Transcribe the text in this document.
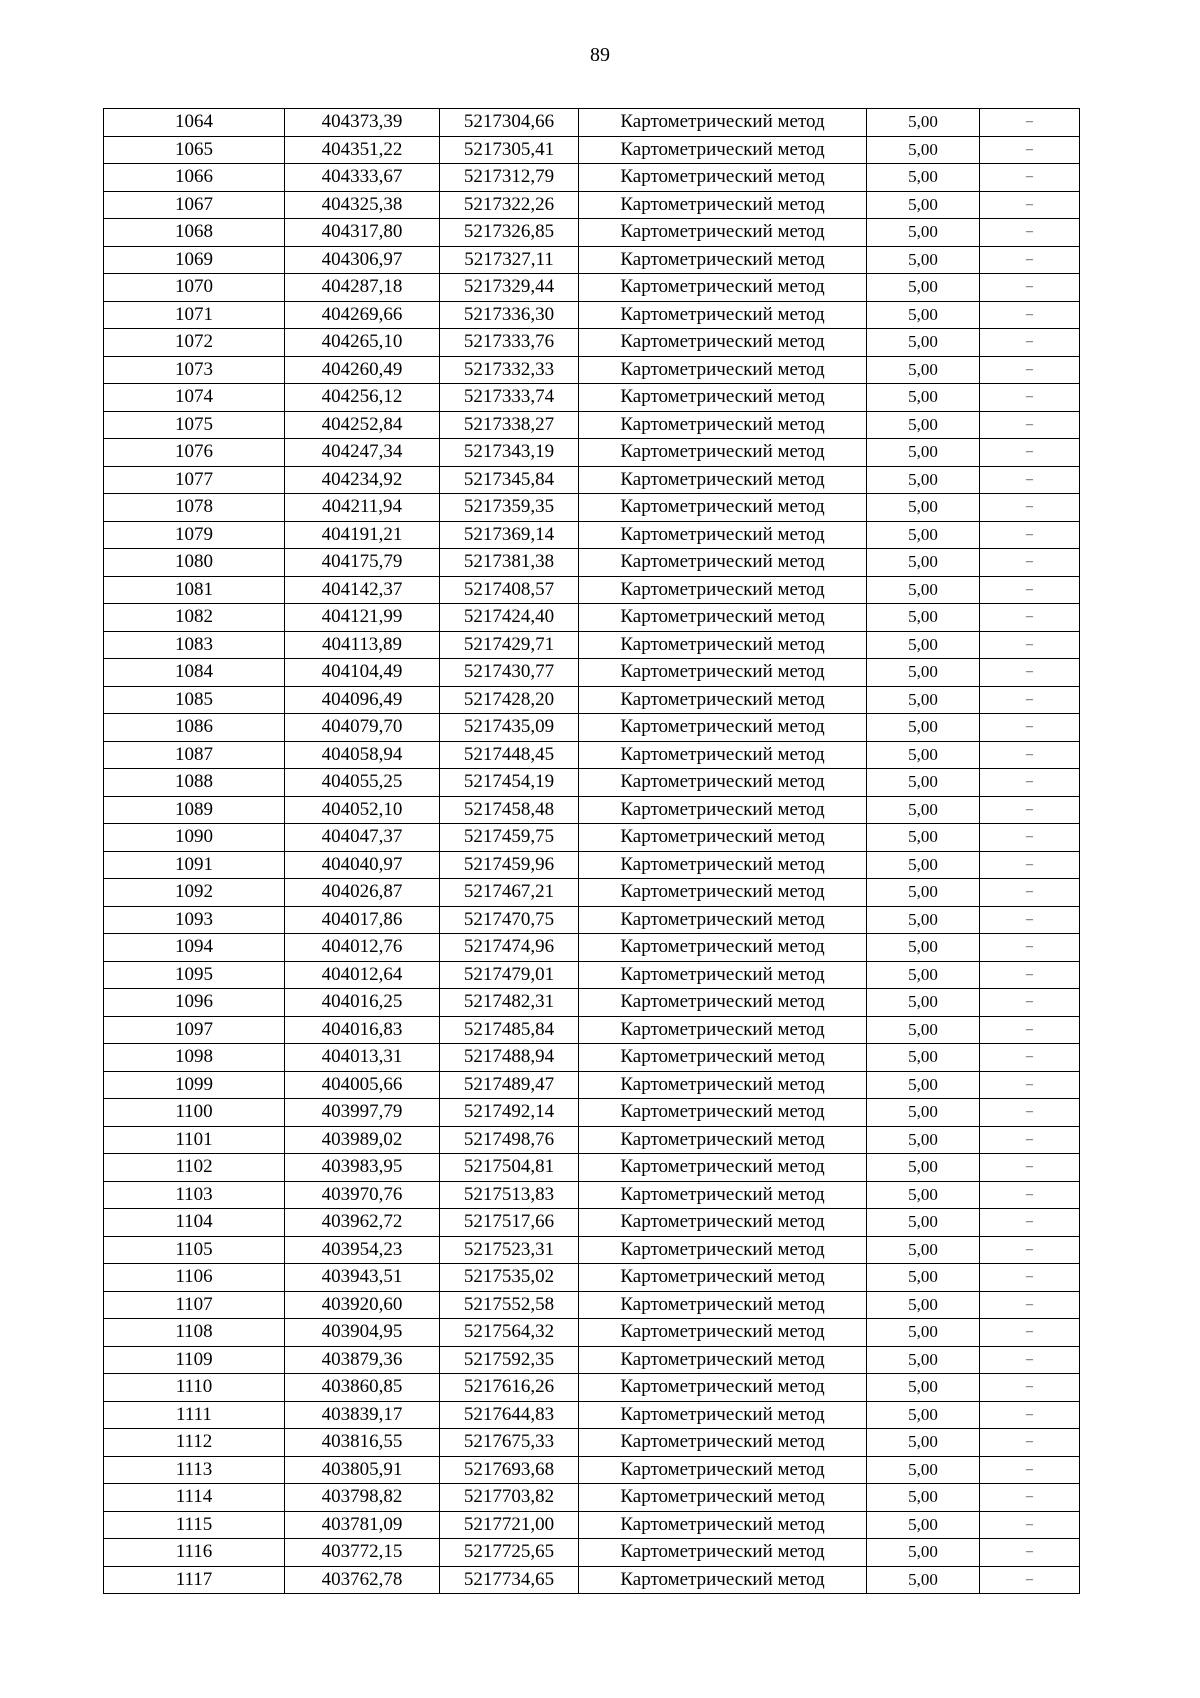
89
1064	404373,39	5217304,66	Картометрический метод	5,00	–
1065	404351,22	5217305,41	Картометрический метод	5,00	–
1066	404333,67	5217312,79	Картометрический метод	5,00	–
1067	404325,38	5217322,26	Картометрический метод	5,00	–
1068	404317,80	5217326,85	Картометрический метод	5,00	–
1069	404306,97	5217327,11	Картометрический метод	5,00	–
1070	404287,18	5217329,44	Картометрический метод	5,00	–
1071	404269,66	5217336,30	Картометрический метод	5,00	–
1072	404265,10	5217333,76	Картометрический метод	5,00	–
1073	404260,49	5217332,33	Картометрический метод	5,00	–
1074	404256,12	5217333,74	Картометрический метод	5,00	–
1075	404252,84	5217338,27	Картометрический метод	5,00	–
1076	404247,34	5217343,19	Картометрический метод	5,00	–
1077	404234,92	5217345,84	Картометрический метод	5,00	–
1078	404211,94	5217359,35	Картометрический метод	5,00	–
1079	404191,21	5217369,14	Картометрический метод	5,00	–
1080	404175,79	5217381,38	Картометрический метод	5,00	–
1081	404142,37	5217408,57	Картометрический метод	5,00	–
1082	404121,99	5217424,40	Картометрический метод	5,00	–
1083	404113,89	5217429,71	Картометрический метод	5,00	–
1084	404104,49	5217430,77	Картометрический метод	5,00	–
1085	404096,49	5217428,20	Картометрический метод	5,00	–
1086	404079,70	5217435,09	Картометрический метод	5,00	–
1087	404058,94	5217448,45	Картометрический метод	5,00	–
1088	404055,25	5217454,19	Картометрический метод	5,00	–
1089	404052,10	5217458,48	Картометрический метод	5,00	–
1090	404047,37	5217459,75	Картометрический метод	5,00	–
1091	404040,97	5217459,96	Картометрический метод	5,00	–
1092	404026,87	5217467,21	Картометрический метод	5,00	–
1093	404017,86	5217470,75	Картометрический метод	5,00	–
1094	404012,76	5217474,96	Картометрический метод	5,00	–
1095	404012,64	5217479,01	Картометрический метод	5,00	–
1096	404016,25	5217482,31	Картометрический метод	5,00	–
1097	404016,83	5217485,84	Картометрический метод	5,00	–
1098	404013,31	5217488,94	Картометрический метод	5,00	–
1099	404005,66	5217489,47	Картометрический метод	5,00	–
1100	403997,79	5217492,14	Картометрический метод	5,00	–
1101	403989,02	5217498,76	Картометрический метод	5,00	–
1102	403983,95	5217504,81	Картометрический метод	5,00	–
1103	403970,76	5217513,83	Картометрический метод	5,00	–
1104	403962,72	5217517,66	Картометрический метод	5,00	–
1105	403954,23	5217523,31	Картометрический метод	5,00	–
1106	403943,51	5217535,02	Картометрический метод	5,00	–
1107	403920,60	5217552,58	Картометрический метод	5,00	–
1108	403904,95	5217564,32	Картометрический метод	5,00	–
1109	403879,36	5217592,35	Картометрический метод	5,00	–
1110	403860,85	5217616,26	Картометрический метод	5,00	–
1111	403839,17	5217644,83	Картометрический метод	5,00	–
1112	403816,55	5217675,33	Картометрический метод	5,00	–
1113	403805,91	5217693,68	Картометрический метод	5,00	–
1114	403798,82	5217703,82	Картометрический метод	5,00	–
1115	403781,09	5217721,00	Картометрический метод	5,00	–
1116	403772,15	5217725,65	Картометрический метод	5,00	–
1117	403762,78	5217734,65	Картометрический метод	5,00	–
